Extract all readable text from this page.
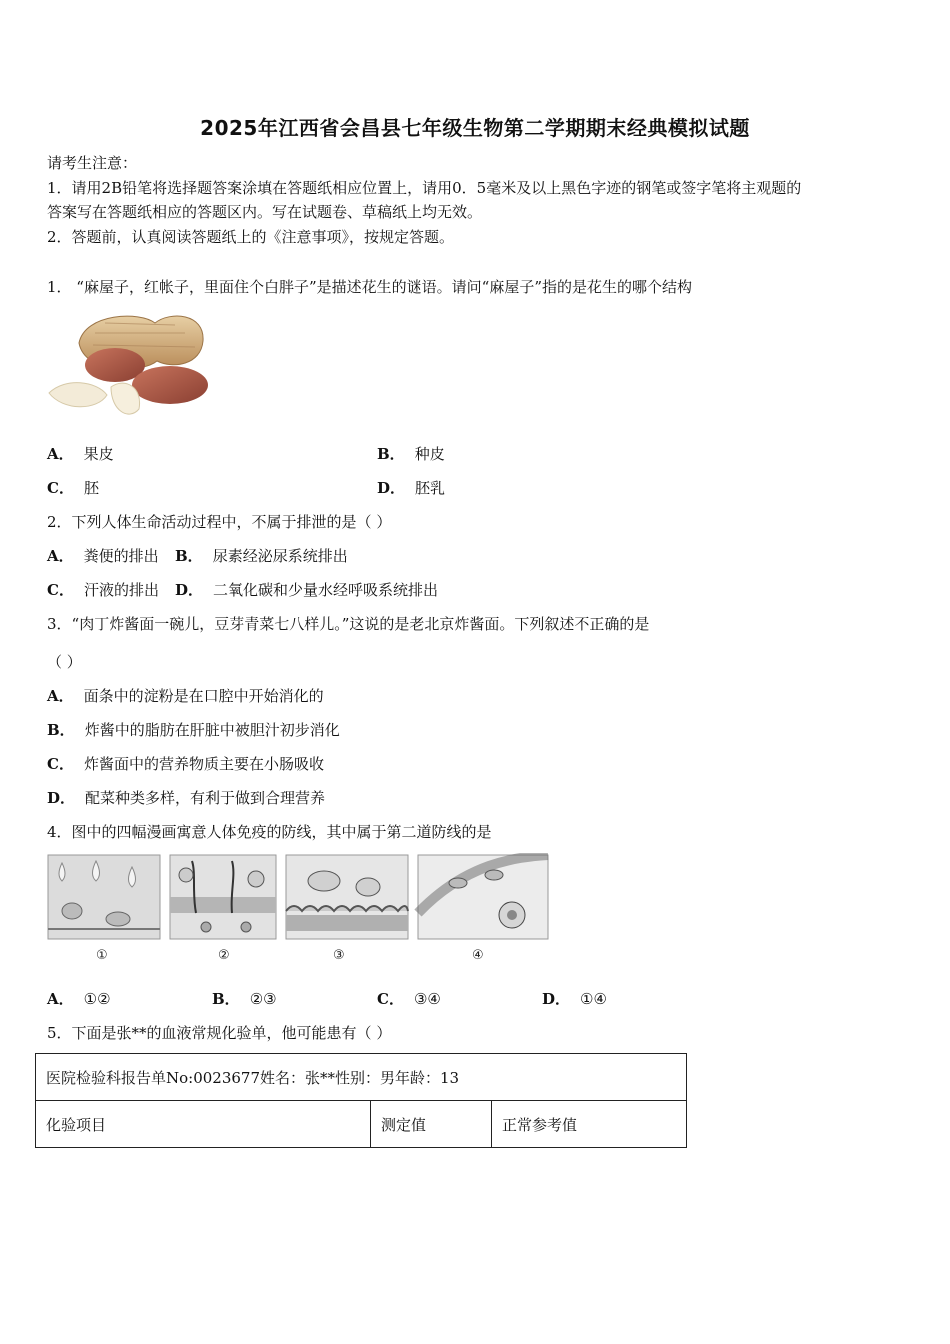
2025年江西省会昌县七年级生物第二学期期末经典模拟试题
请考生注意：
1．请用2B铅笔将选择题答案涂填在答题纸相应位置上，请用0．5毫米及以上黑色字迹的钢笔或签字笔将主观题的
答案写在答题纸相应的答题区内。写在试题卷、草稿纸上均无效。
2．答题前，认真阅读答题纸上的《注意事项》，按规定答题。
1． “麻屋子，红帐子，里面住个白胖子”是描述花生的谜语。请问“麻屋子”指的是花生的哪个结构
A． 果皮	B． 种皮
C． 胚	D． 胚乳
2．下列人体生命活动过程中，不属于排泄的是（ ）
A． 粪便的排出 B． 尿素经泌尿系统排出
C． 汗液的排出 D． 二氧化碳和少量水经呼吸系统排出
3．“肉丁炸酱面一碗儿，豆芽青菜七八样儿。”这说的是老北京炸酱面。下列叙述不正确的是
（ ）
A． 面条中的淀粉是在口腔中开始消化的
B． 炸酱中的脂肪在肝脏中被胆汁初步消化
C． 炸酱面中的营养物质主要在小肠吸收
D． 配菜种类多样，有利于做到合理营养
4．图中的四幅漫画寓意人体免疫的防线，其中属于第二道防线的是
①	②	③	④
A． ①②	B． ②③	C． ③④	D． ①④
5．下面是张**的血液常规化验单，他可能患有（ ）
医院检验科报告单No:0023677姓名：张**性别：男年龄：13
化验项目	测定值	正常参考值
